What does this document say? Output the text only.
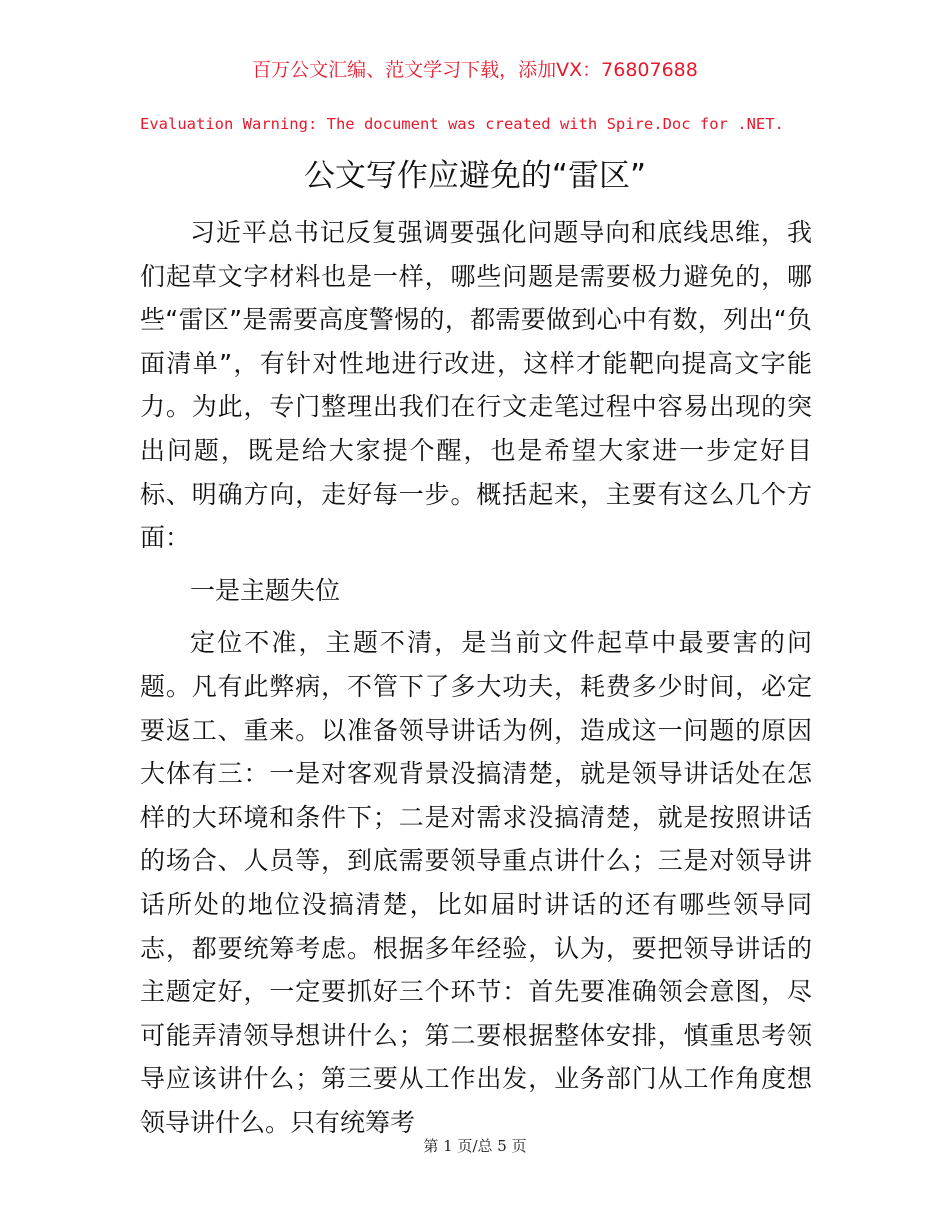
百万公文汇编、范文学习下载，添加VX：76807688
Evaluation Warning: The document was created with Spire.Doc for .NET.
公文写作应避免的“雷区”

习近平总书记反复强调要强化问题导向和底线思维，我们起草文字材料也是一样，哪些问题是需要极力避免的，哪些“雷区”是需要高度警惕的，都需要做到心中有数，列出“负面清单”，有针对性地进行改进，这样才能靶向提高文字能力。为此，专门整理出我们在行文走笔过程中容易出现的突出问题，既是给大家提个醒，也是希望大家进一步定好目标、明确方向，走好每一步。概括起来，主要有这么几个方面：

一是主题失位

定位不准，主题不清，是当前文件起草中最要害的问题。凡有此弊病，不管下了多大功夫，耗费多少时间，必定要返工、重来。以准备领导讲话为例，造成这一问题的原因大体有三：一是对客观背景没搞清楚，就是领导讲话处在怎样的大环境和条件下；二是对需求没搞清楚，就是按照讲话的场合、人员等，到底需要领导重点讲什么；三是对领导讲话所处的地位没搞清楚，比如届时讲话的还有哪些领导同志，都要统筹考虑。根据多年经验，认为，要把领导讲话的主题定好，一定要抓好三个环节：首先要准确领会意图，尽可能弄清领导想讲什么；第二要根据整体安排，慎重思考领导应该讲什么；第三要从工作出发，业务部门从工作角度想领导讲什么。只有统筹考

第 1 页/总 5 页
